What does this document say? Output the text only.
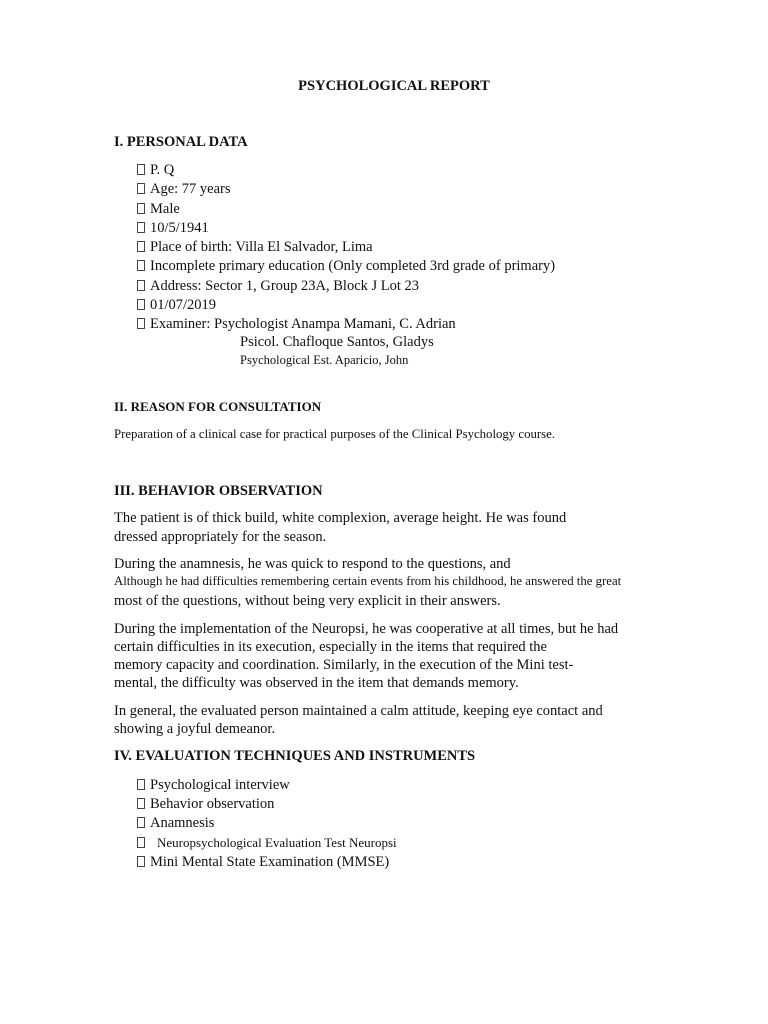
PSYCHOLOGICAL REPORT
I. PERSONAL DATA
P. Q
Age: 77 years
Male
10/5/1941
Place of birth: Villa El Salvador, Lima
Incomplete primary education (Only completed 3rd grade of primary)
Address: Sector 1, Group 23A, Block J Lot 23
01/07/2019
Examiner: Psychologist Anampa Mamani, C. Adrian
Psicol. Chafloque Santos, Gladys
Psychological Est. Aparicio, John
II. REASON FOR CONSULTATION
Preparation of a clinical case for practical purposes of the Clinical Psychology course.
III. BEHAVIOR OBSERVATION
The patient is of thick build, white complexion, average height. He was found
dressed appropriately for the season.
During the anamnesis, he was quick to respond to the questions, and
Although he had difficulties remembering certain events from his childhood, he answered the great
most of the questions, without being very explicit in their answers.
During the implementation of the Neuropsi, he was cooperative at all times, but he had
certain difficulties in its execution, especially in the items that required the
memory capacity and coordination. Similarly, in the execution of the Mini test-
mental, the difficulty was observed in the item that demands memory.
In general, the evaluated person maintained a calm attitude, keeping eye contact and
showing a joyful demeanor.
IV. EVALUATION TECHNIQUES AND INSTRUMENTS
Psychological interview
Behavior observation
Anamnesis
Neuropsychological Evaluation Test Neuropsi
Mini Mental State Examination (MMSE)
